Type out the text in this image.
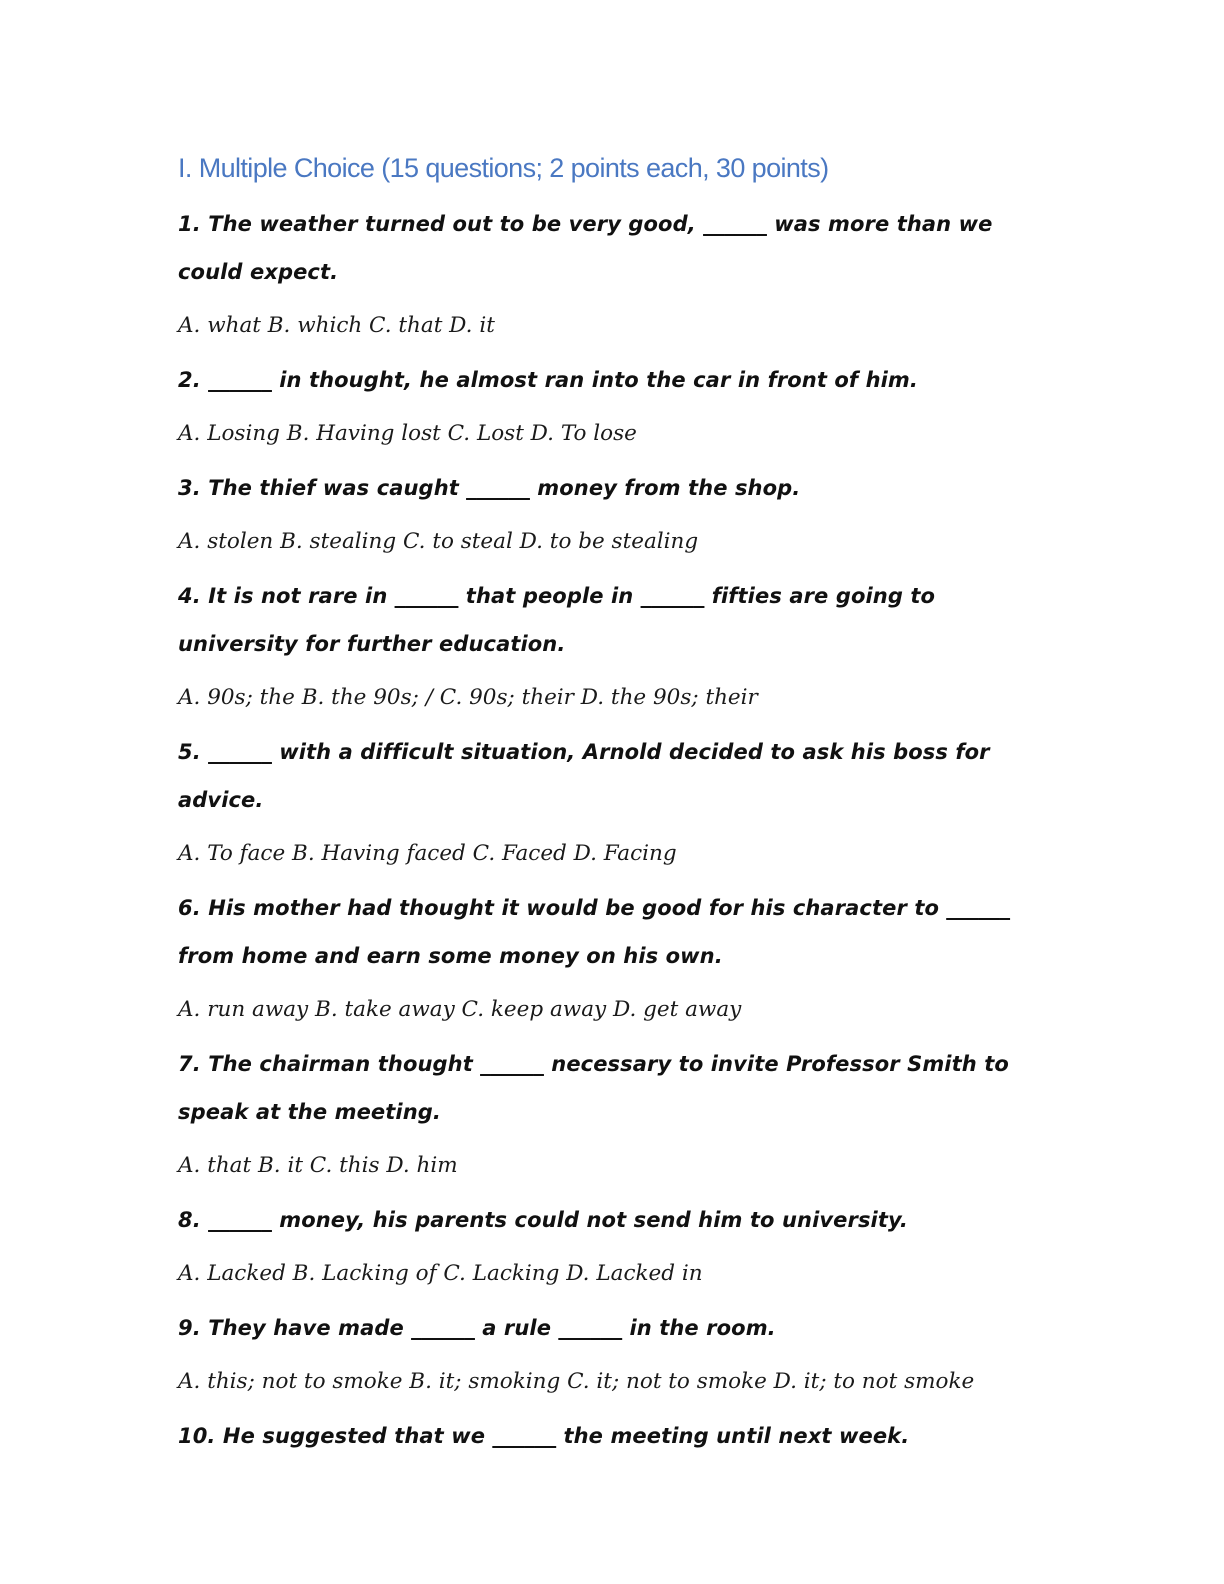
I. Multiple Choice (15 questions; 2 points each, 30 points)
1. The weather turned out to be very good, ______ was more than we could expect.
A. what B. which C. that D. it
2. ______ in thought, he almost ran into the car in front of him.
A. Losing B. Having lost C. Lost D. To lose
3. The thief was caught ______ money from the shop.
A. stolen B. stealing C. to steal D. to be stealing
4. It is not rare in ______ that people in ______ fifties are going to university for further education.
A. 90s; the B. the 90s; / C. 90s; their D. the 90s; their
5. ______ with a difficult situation, Arnold decided to ask his boss for advice.
A. To face B. Having faced C. Faced D. Facing
6. His mother had thought it would be good for his character to ______ from home and earn some money on his own.
A. run away B. take away C. keep away D. get away
7. The chairman thought ______ necessary to invite Professor Smith to speak at the meeting.
A. that B. it C. this D. him
8. ______ money, his parents could not send him to university.
A. Lacked B. Lacking of C. Lacking D. Lacked in
9. They have made ______ a rule ______ in the room.
A. this; not to smoke B. it; smoking C. it; not to smoke D. it; to not smoke
10. He suggested that we ______ the meeting until next week.
